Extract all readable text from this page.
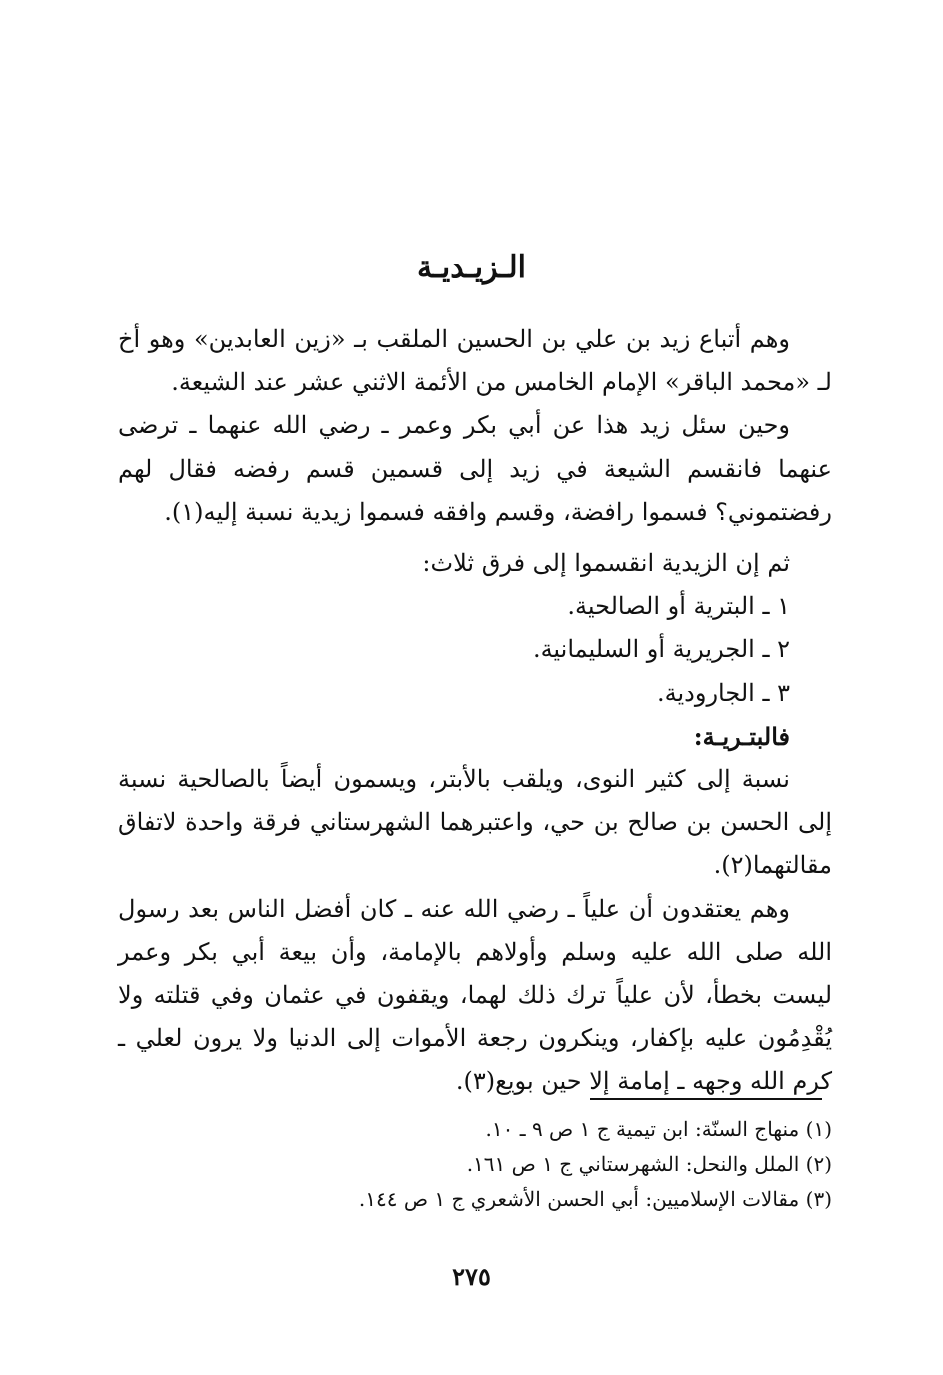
الـزيـديـة

وهم أتباع زيد بن علي بن الحسين الملقب بـ «زين العابدين» وهو أخ لـ «محمد الباقر» الإمام الخامس من الأئمة الاثني عشر عند الشيعة.

وحين سئل زيد هذا عن أبي بكر وعمر ـ رضي الله عنهما ـ ترضى عنهما فانقسم الشيعة في زيد إلى قسمين قسم رفضه فقال لهم رفضتموني؟ فسموا رافضة، وقسم وافقه فسموا زيدية نسبة إليه(١).

ثم إن الزيدية انقسموا إلى فرق ثلاث:

١ ـ البترية أو الصالحية.

٢ ـ الجريرية أو السليمانية.

٣ ـ الجارودية.

فالبتـريـة:

نسبة إلى كثير النوى، ويلقب بالأبتر، ويسمون أيضاً بالصالحية نسبة إلى الحسن بن صالح بن حي، واعتبرهما الشهرستاني فرقة واحدة لاتفاق مقالتهما(٢).

وهم يعتقدون أن علياً ـ رضي الله عنه ـ كان أفضل الناس بعد رسول الله صلى الله عليه وسلم وأولاهم بالإمامة، وأن بيعة أبي بكر وعمر ليست بخطأ، لأن علياً ترك ذلك لهما، ويقفون في عثمان وفي قتلته ولا يُقْدِمُون عليه بإكفار، وينكرون رجعة الأموات إلى الدنيا ولا يرون لعلي ـ كرم الله وجهه ـ إمامة إلا حين بويع(٣).

(١) منهاج السنّة: ابن تيمية ج ١ ص ٩ ـ ١٠.
(٢) الملل والنحل: الشهرستاني ج ١ ص ١٦١.
(٣) مقالات الإسلاميين: أبي الحسن الأشعري ج ١ ص ١٤٤.
٢٧٥
